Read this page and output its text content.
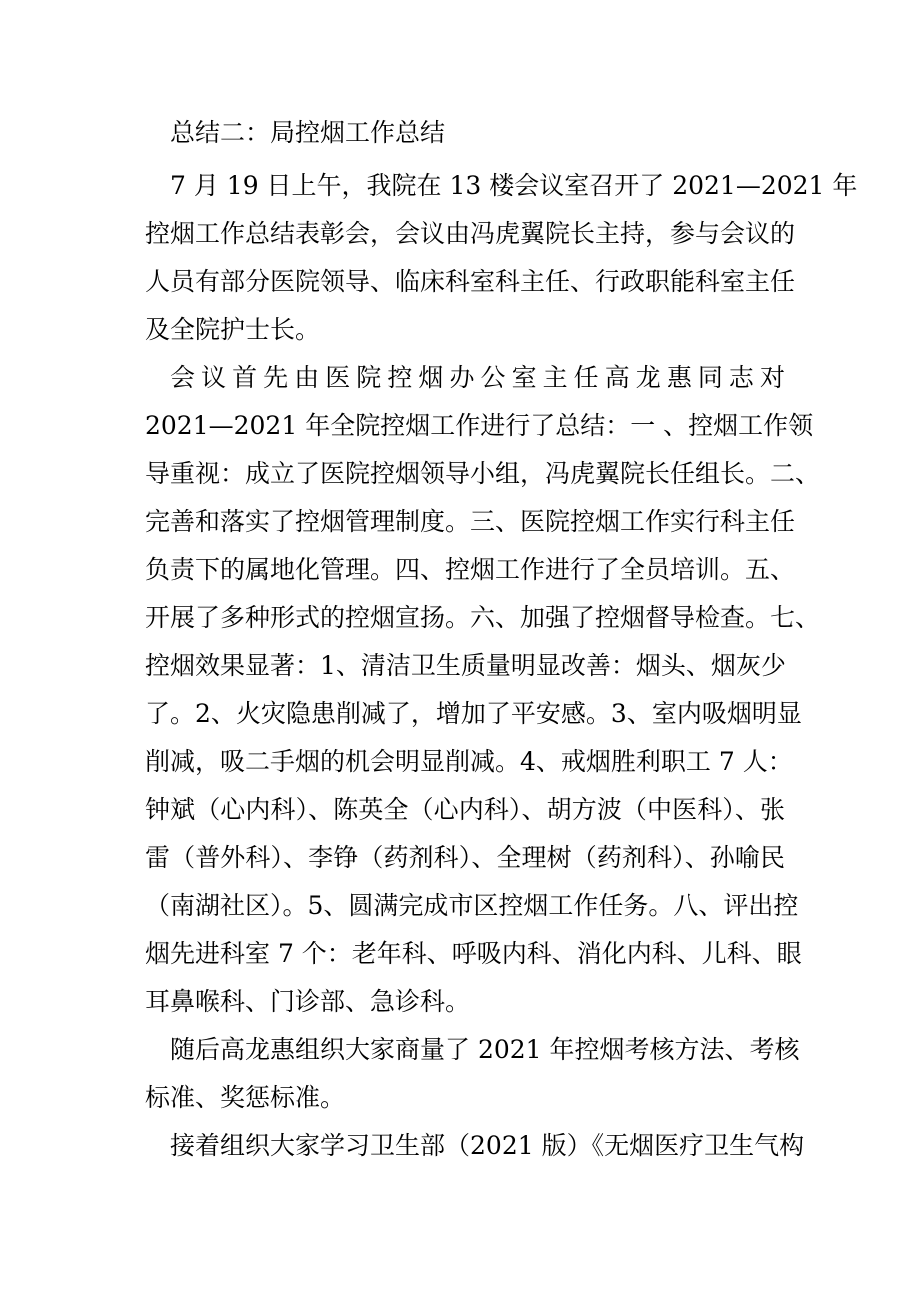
总结二：局控烟工作总结
7 月 19 日上午，我院在 13 楼会议室召开了 2021—2021 年
控烟工作总结表彰会，会议由冯虎翼院长主持，参与会议的
人员有部分医院领导、临床科室科主任、行政职能科室主任
及全院护士长。
会议首先由医院控烟办公室主任高龙惠同志对
2021—2021 年全院控烟工作进行了总结：一 、控烟工作领
导重视：成立了医院控烟领导小组，冯虎翼院长任组长。二、
完善和落实了控烟管理制度。三、医院控烟工作实行科主任
负责下的属地化管理。四、控烟工作进行了全员培训。五、
开展了多种形式的控烟宣扬。六、加强了控烟督导检查。七、
控烟效果显著：1、清洁卫生质量明显改善：烟头、烟灰少
了。2、火灾隐患削减了，增加了平安感。3、室内吸烟明显
削减，吸二手烟的机会明显削减。4、戒烟胜利职工 7 人：
钟斌（心内科）、陈英全（心内科）、胡方波（中医科）、张
雷（普外科）、李铮（药剂科）、全理树（药剂科）、孙喻民
（南湖社区）。5、圆满完成市区控烟工作任务。八、评出控
烟先进科室 7 个：老年科、呼吸内科、消化内科、儿科、眼
耳鼻喉科、门诊部、急诊科。
随后高龙惠组织大家商量了 2021 年控烟考核方法、考核
标准、奖惩标准。
接着组织大家学习卫生部（2021 版）《无烟医疗卫生气构
